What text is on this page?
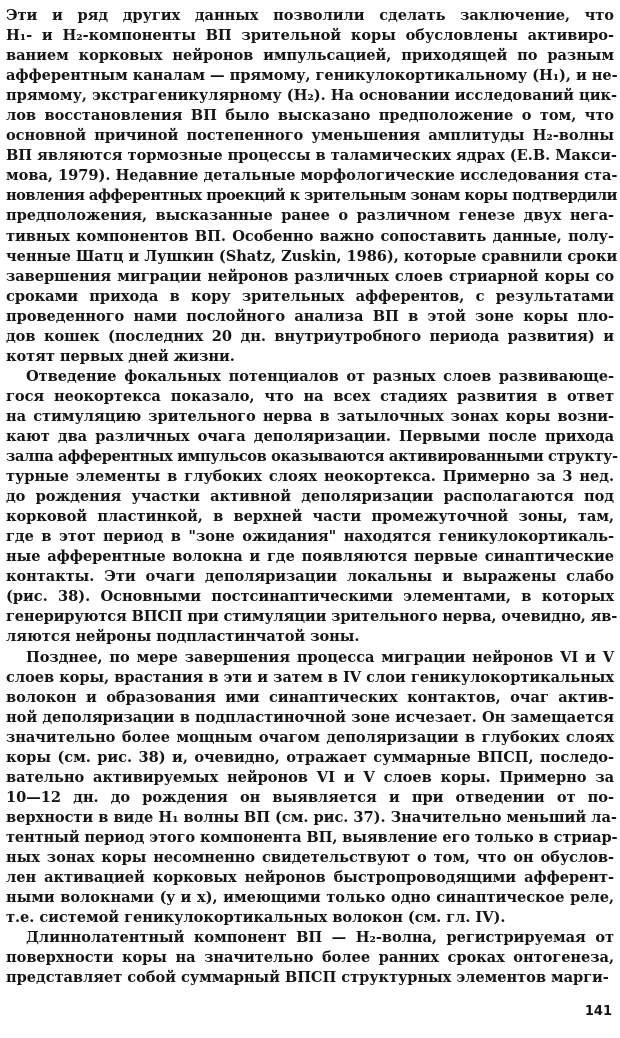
Эти и ряд других данных позволили сделать заключение, что
H₁- и H₂-компоненты ВП зрительной коры обусловлены активиро-
ванием корковых нейронов импульсацией, приходящей по разным
афферентным каналам — прямому, геникулокортикальному (H₁), и не-
прямому, экстрагеникулярному (H₂). На основании исследований цик-
лов восстановления ВП было высказано предположение о том, что
основной причиной постепенного уменьшения амплитуды H₂-волны
ВП являются тормозные процессы в таламических ядрах (Е.В. Макси-
мова, 1979). Недавние детальные морфологические исследования ста-
новления афферентных проекций к зрительным зонам коры подтвердили
предположения, высказанные ранее о различном генезе двух нега-
тивных компонентов ВП. Особенно важно сопоставить данные, полу-
ченные Шатц и Лушкин (Shatz, Zuskin, 1986), которые сравнили сроки
завершения миграции нейронов различных слоев стриарной коры со
сроками прихода в кору зрительных афферентов, с результатами
проведенного нами послойного анализа ВП в этой зоне коры пло-
дов кошек (последних 20 дн. внутриутробного периода развития) и
котят первых дней жизни.

Отведение фокальных потенциалов от разных слоев развивающе-
гося неокортекса показало, что на всех стадиях развития в ответ
на стимуляцию зрительного нерва в затылочных зонах коры возни-
кают два различных очага деполяризации. Первыми после прихода
залпа афферентных импульсов оказываются активированными структу-
турные элементы в глубоких слоях неокортекса. Примерно за 3 нед.
до рождения участки активной деполяризации располагаются под
корковой пластинкой, в верхней части промежуточной зоны, там,
где в этот период в "зоне ожидания" находятся геникулокортикаль-
ные афферентные волокна и где появляются первые синаптические
контакты. Эти очаги деполяризации локальны и выражены слабо
(рис. 38). Основными постсинаптическими элементами, в которых
генерируются ВПСП при стимуляции зрительного нерва, очевидно, яв-
ляются нейроны подпластинчатой зоны.

Позднее, по мере завершения процесса миграции нейронов VI и V
слоев коры, врастания в эти и затем в IV слои геникулокортикальных
волокон и образования ими синаптических контактов, очаг актив-
ной деполяризации в подпластиночной зоне исчезает. Он замещается
значительно более мощным очагом деполяризации в глубоких слоях
коры (см. рис. 38) и, очевидно, отражает суммарные ВПСП, последо-
вательно активируемых нейронов VI и V слоев коры. Примерно за
10—12 дн. до рождения он выявляется и при отведении от по-
верхности в виде H₁ волны ВП (см. рис. 37). Значительно меньший ла-
тентный период этого компонента ВП, выявление его только в стриар-
ных зонах коры несомненно свидетельствуют о том, что он обуслов-
лен активацией корковых нейронов быстропроводящими афферент-
ными волокнами (y и x), имеющими только одно синаптическое реле,
т.е. системой геникулокортикальных волокон (см. гл. IV).

Длиннолатентный компонент ВП — H₂-волна, регистрируемая от
поверхности коры на значительно более ранних сроках онтогенеза,
представляет собой суммарный ВПСП структурных элементов марги-

141
